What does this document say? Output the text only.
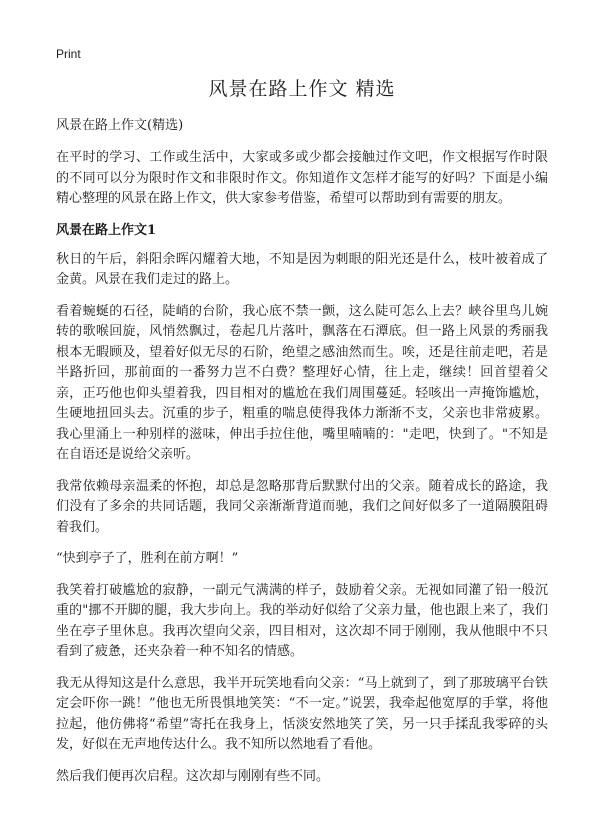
Print
风景在路上作文 精选
风景在路上作文(精选)

在平时的学习、工作或生活中，大家或多或少都会接触过作文吧，作文根据写作时限的不同可以分为限时作文和非限时作文。你知道作文怎样才能写的好吗？下面是小编精心整理的风景在路上作文，供大家参考借鉴，希望可以帮助到有需要的朋友。

风景在路上作文1

秋日的午后，斜阳余晖闪耀着大地，不知是因为刺眼的阳光还是什么，枝叶被着成了金黄。风景在我们走过的路上。

看着蜿蜒的石径，陡峭的台阶，我心底不禁一颤，这么陡可怎么上去？峡谷里鸟儿婉转的歌喉回旋，风悄然飘过，卷起几片落叶，飘落在石潭底。但一路上风景的秀丽我根本无暇顾及，望着好似无尽的石阶，绝望之感油然而生。唉，还是往前走吧，若是半路折回，那前面的一番努力岂不白费？整理好心情，往上走，继续！回首望着父亲，正巧他也仰头望着我，四目相对的尴尬在我们周围蔓延。轻咳出一声掩饰尴尬，生硬地扭回头去。沉重的步子，粗重的喘息使得我体力渐渐不支，父亲也非常疲累。我心里涌上一种别样的滋味，伸出手拉住他，嘴里喃喃的："走吧，快到了。"不知是在自语还是说给父亲听。

我常依赖母亲温柔的怀抱，却总是忽略那背后默默付出的父亲。随着成长的路途，我们没有了多余的共同话题，我同父亲渐渐背道而驰，我们之间好似多了一道隔膜阻碍着我们。

“快到亭子了，胜利在前方啊！”

我笑着打破尴尬的寂静，一副元气满满的样子，鼓励着父亲。无视如同灌了铅一般沉重的"挪不开脚的腿，我大步向上。我的举动好似给了父亲力量，他也跟上来了，我们坐在亭子里休息。我再次望向父亲，四目相对，这次却不同于刚刚，我从他眼中不只看到了疲惫，还夹杂着一种不知名的情感。

我无从得知这是什么意思，我半开玩笑地看向父亲：“马上就到了，到了那玻璃平台铁定会吓你一跳！”他也无所畏惧地笑笑：“不一定。”说罢，我牵起他宽厚的手掌，将他拉起，他仿佛将“希望”寄托在我身上，恬淡安然地笑了笑，另一只手揉乱我零碎的头发，好似在无声地传达什么。我不知所以然地看了看他。

然后我们便再次启程。这次却与刚刚有些不同。
